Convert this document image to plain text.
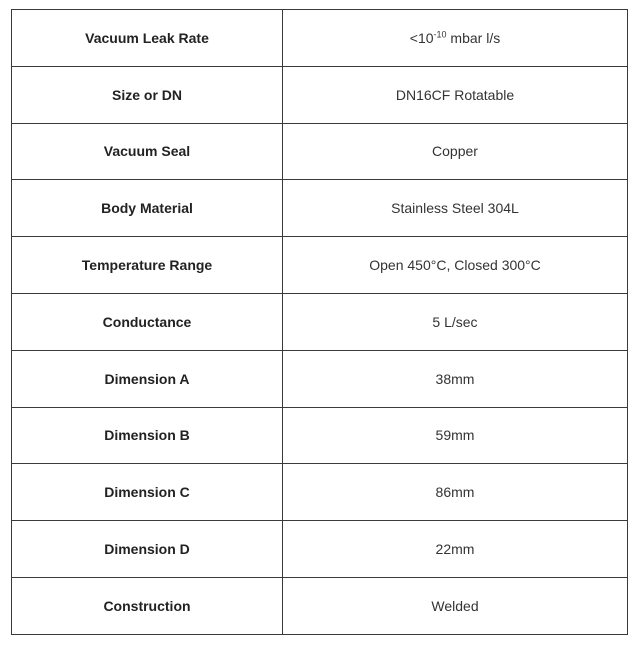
Vacuum Leak Rate	$<10^{-10}$ mbar l/s
Size or DN	DN16CF Rotatable
Vacuum Seal	Copper
Body Material	Stainless Steel 304L
Temperature Range	Open 450°C, Closed 300°C
Conductance	5 L/sec
Dimension A	38mm
Dimension B	59mm
Dimension C	86mm
Dimension D	22mm
Construction	Welded
